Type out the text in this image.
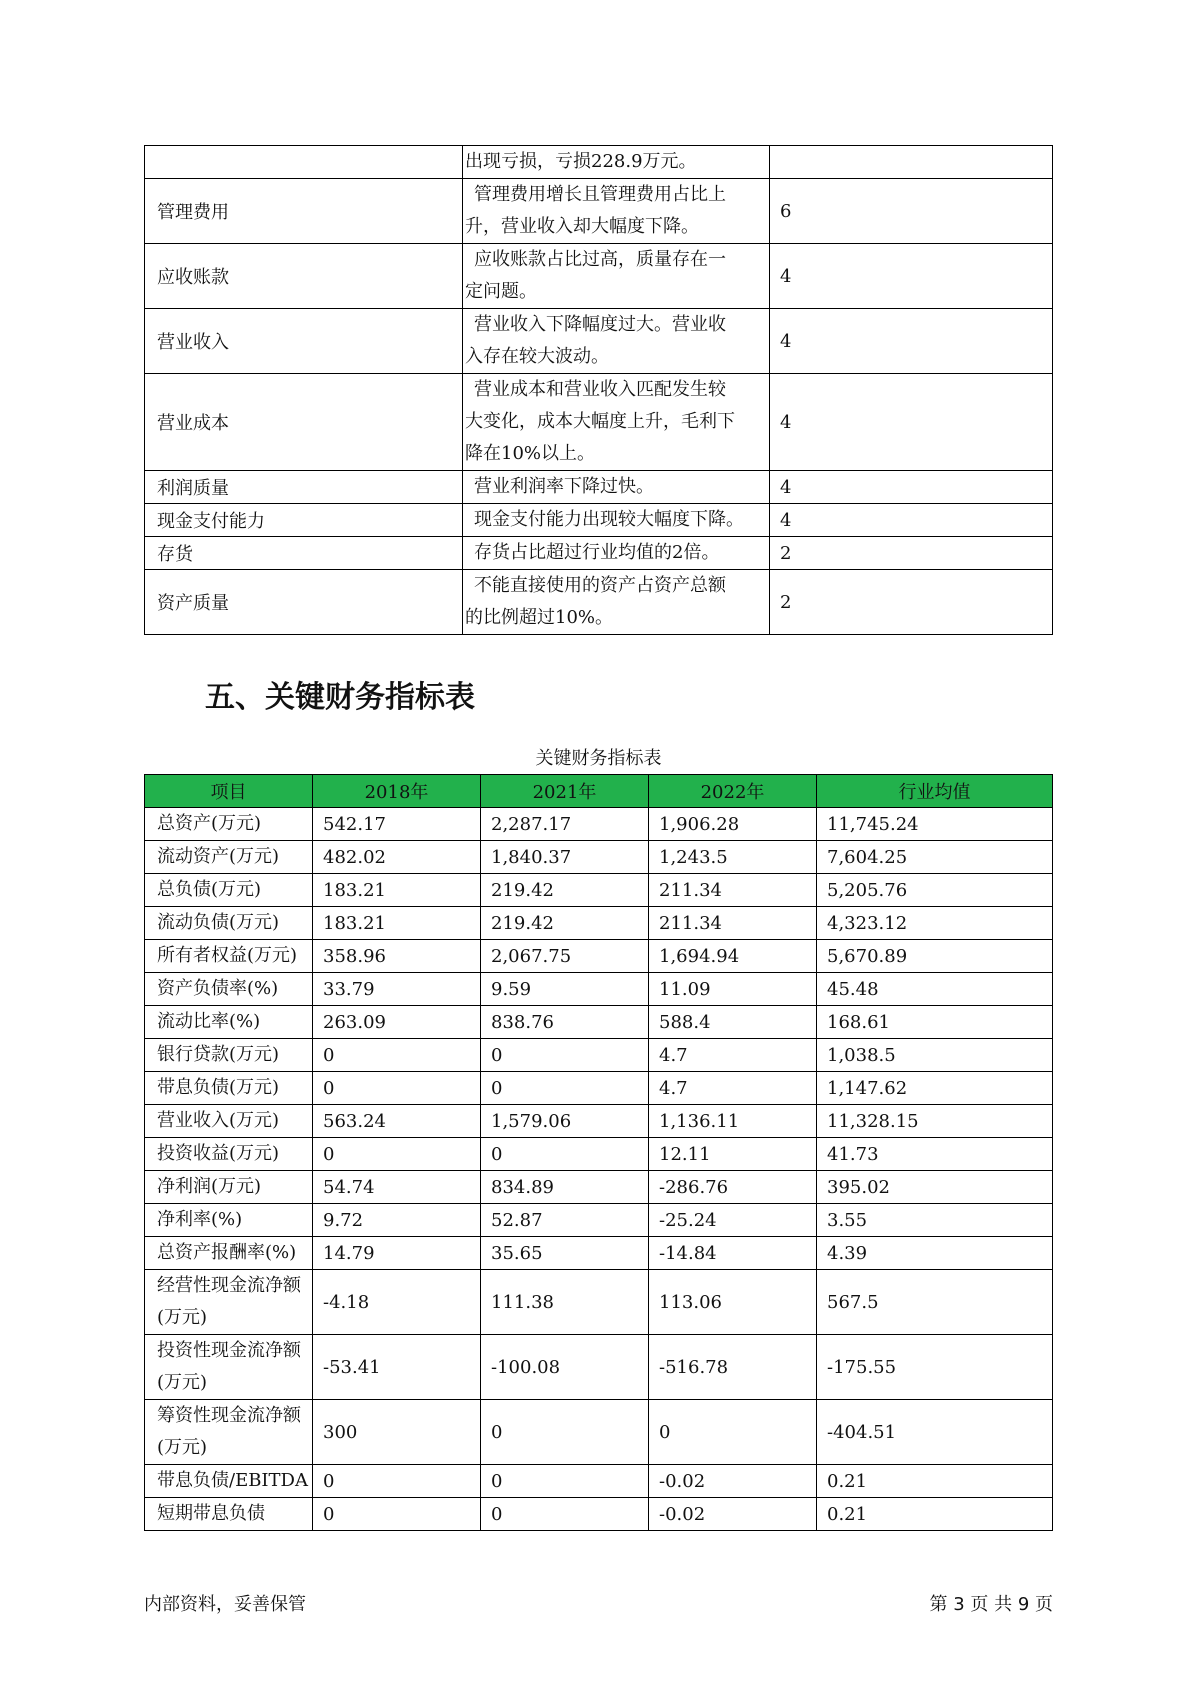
	出现亏损，亏损228.9万元。	

管理费用	管理费用增长且管理费用占比上
升，营业收入却大幅度下降。	6
应收账款	应收账款占比过高，质量存在一
定问题。	4
营业收入	营业收入下降幅度过大。营业收
入存在较大波动。	4
营业成本	营业成本和营业收入匹配发生较
大变化，成本大幅度上升，毛利下
降在10%以上。	4
利润质量	营业利润率下降过快。	4
现金支付能力	现金支付能力出现较大幅度下降。	4
存货	存货占比超过行业均值的2倍。	2
资产质量	不能直接使用的资产占资产总额
的比例超过10%。	2
五、关键财务指标表
关键财务指标表
项目	2018年	2021年	2022年	行业均值
总资产(万元)	542.17	2,287.17	1,906.28	11,745.24
流动资产(万元)	482.02	1,840.37	1,243.5	7,604.25
总负债(万元)	183.21	219.42	211.34	5,205.76
流动负债(万元)	183.21	219.42	211.34	4,323.12
所有者权益(万元)	358.96	2,067.75	1,694.94	5,670.89
资产负债率(%)	33.79	9.59	11.09	45.48
流动比率(%)	263.09	838.76	588.4	168.61
银行贷款(万元)	0	0	4.7	1,038.5
带息负债(万元)	0	0	4.7	1,147.62
营业收入(万元)	563.24	1,579.06	1,136.11	11,328.15
投资收益(万元)	0	0	12.11	41.73
净利润(万元)	54.74	834.89	-286.76	395.02
净利率(%)	9.72	52.87	-25.24	3.55
总资产报酬率(%)	14.79	35.65	-14.84	4.39
经营性现金流净额(万元)	-4.18	111.38	113.06	567.5
投资性现金流净额(万元)	-53.41	-100.08	-516.78	-175.55
筹资性现金流净额(万元)	300	0	0	-404.51
带息负债/EBITDA	0	0	-0.02	0.21
短期带息负债	0	0	-0.02	0.21
内部资料，妥善保管	第 3 页 共 9 页
